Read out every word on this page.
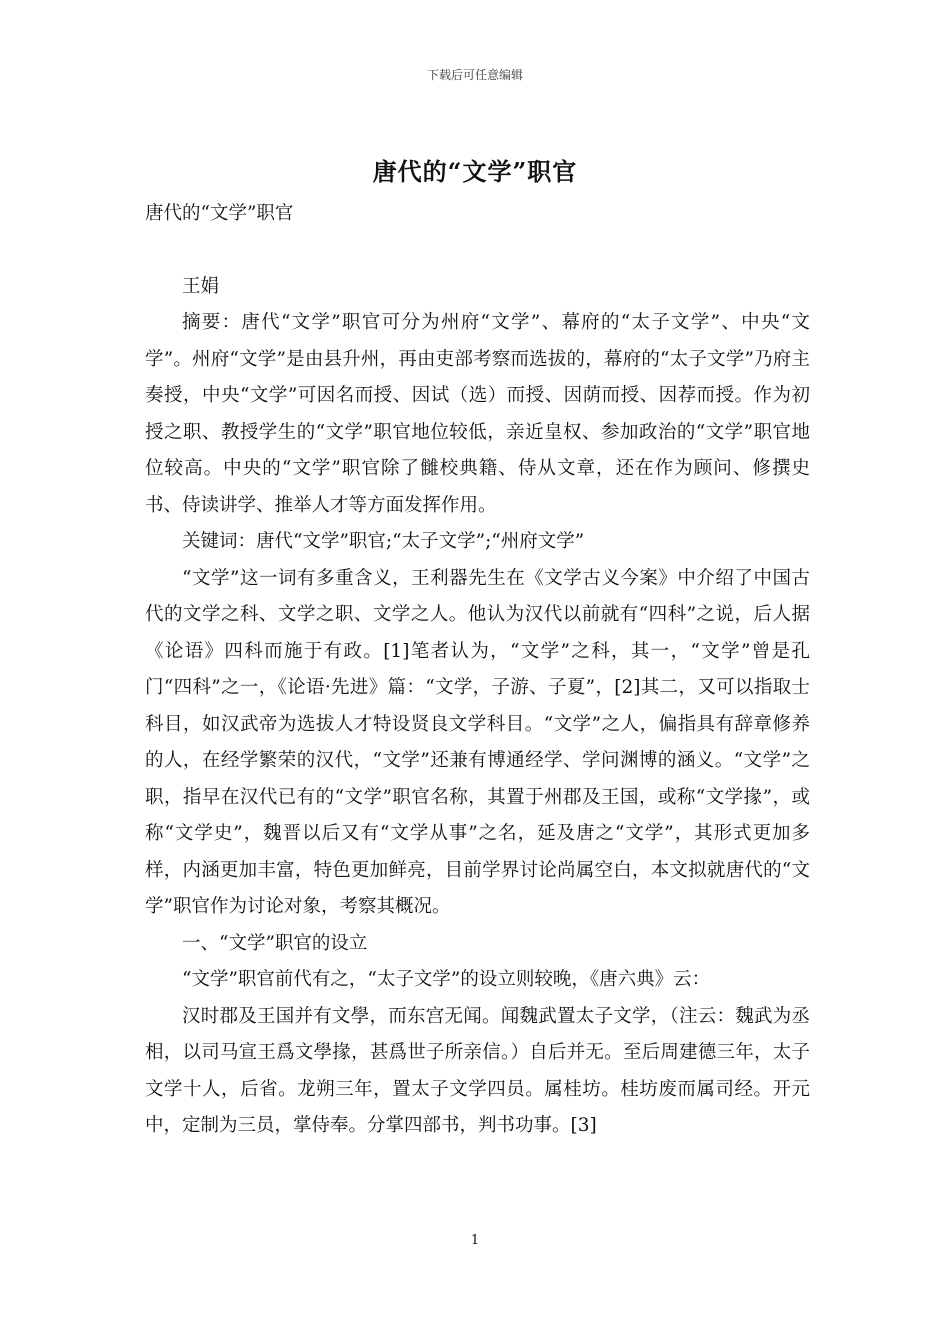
下载后可任意编辑
唐代的“文学”职官

唐代的“文学”职官

王娟

摘要：唐代“文学”职官可分为州府“文学”、幕府的“太子文学”、中央“文学”。州府“文学”是由县升州，再由吏部考察而选拔的，幕府的“太子文学”乃府主奏授，中央“文学”可因名而授、因试（选）而授、因荫而授、因荐而授。作为初授之职、教授学生的“文学”职官地位较低，亲近皇权、参加政治的“文学”职官地位较高。中央的“文学”职官除了雠校典籍、侍从文章，还在作为顾问、修撰史书、侍读讲学、推举人才等方面发挥作用。

关键词：唐代“文学”职官;“太子文学”;“州府文学”

“文学”这一词有多重含义，王利器先生在《文学古义今案》中介绍了中国古代的文学之科、文学之职、文学之人。他认为汉代以前就有“四科”之说，后人据《论语》四科而施于有政。[1]笔者认为，“文学”之科，其一，“文学”曾是孔门“四科”之一，《论语·先进》篇：“文学，子游、子夏”，[2]其二，又可以指取士科目，如汉武帝为选拔人才特设贤良文学科目。“文学”之人，偏指具有辞章修养的人，在经学繁荣的汉代，“文学”还兼有博通经学、学问渊博的涵义。“文学”之职，指早在汉代已有的“文学”职官名称，其置于州郡及王国，或称“文学掾”，或称“文学史”，魏晋以后又有“文学从事”之名，延及唐之“文学”，其形式更加多样，内涵更加丰富，特色更加鲜亮，目前学界讨论尚属空白，本文拟就唐代的“文学”职官作为讨论对象，考察其概况。

一、“文学”职官的设立

“文学”职官前代有之，“太子文学”的设立则较晚，《唐六典》云：

汉时郡及王国并有文學，而东宫无闻。闻魏武置太子文学，（注云：魏武为丞相，以司马宣王爲文學掾，甚爲世子所亲信。）自后并无。至后周建德三年，太子文学十人，后省。龙朔三年，置太子文学四员。属桂坊。桂坊废而属司经。开元中，定制为三员，掌侍奉。分掌四部书，判书功事。[3]

1
